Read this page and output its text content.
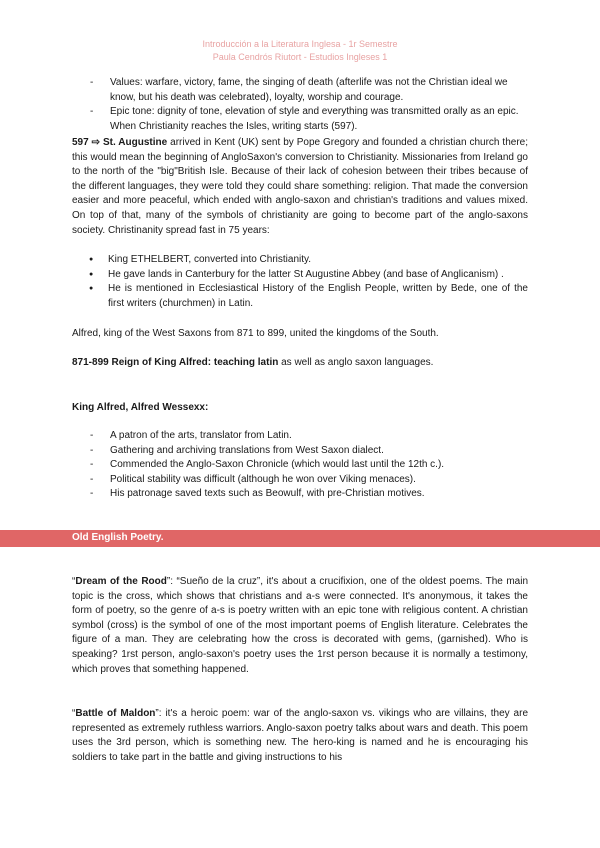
Introducción a la Literatura Inglesa - 1r Semestre
Paula Cendrós Riutort - Estudios Ingleses 1
- Values: warfare, victory, fame, the singing of death (afterlife was not the Christian ideal we know, but his death was celebrated), loyalty, worship and courage.
- Epic tone: dignity of tone, elevation of style and everything was transmitted orally as an epic. When Christianity reaches the Isles, writing starts (597).

597 ⇨ St. Augustine arrived in Kent (UK) sent by Pope Gregory and founded a christian church there; this would mean the beginning of AngloSaxon's conversion to Christianity. Missionaries from Ireland go to the north of the "big"British Isle. Because of their lack of cohesion between their tribes because of the different languages, they were told they could share something: religion. That made the conversion easier and more peaceful, which ended with anglo-saxon and christian's traditions and values mixed. On top of that, many of the symbols of christianity are going to become part of the anglo-saxons society. Christinanity spread fast in 75 years:

● King ETHELBERT, converted into Christianity.
● He gave lands in Canterbury for the latter St Augustine Abbey (and base of Anglicanism) .
● He is mentioned in Ecclesiastical History of the English People, written by Bede, one of the first writers (churchmen) in Latin.
Alfred, king of the West Saxons from 871 to 899, united the kingdoms of the South.
871-899 Reign of King Alfred: teaching latin as well as anglo saxon languages.
King Alfred, Alfred Wessexx:
- A patron of the arts, translator from Latin.
- Gathering and archiving translations from West Saxon dialect.
- Commended the Anglo-Saxon Chronicle (which would last until the 12th c.).
- Political stability was difficult (although he won over Viking menaces).
- His patronage saved texts such as Beowulf, with pre-Christian motives.
Old English Poetry.

“Dream of the Rood”: “Sueño de la cruz”, it's about a crucifixion, one of the oldest poems. The main topic is the cross, which shows that christians and a-s were connected. It's anonymous, it takes the form of poetry, so the genre of a-s is poetry written with an epic tone with religious content. A christian symbol (cross) is the symbol of one of the most important poems of English literature. Celebrates the figure of a man. They are celebrating how the cross is decorated with gems, (garnished). Who is speaking? 1rst person, anglo-saxon's poetry uses the 1rst person because it is normally a testimony, which proves that something happened.

“Battle of Maldon”: it's a heroic poem: war of the anglo-saxon vs. vikings who are villains, they are represented as extremely ruthless warriors. Anglo-saxon poetry talks about wars and death. This poem uses the 3rd person, which is something new. The hero-king is named and he is encouraging his soldiers to take part in the battle and giving instructions to his
